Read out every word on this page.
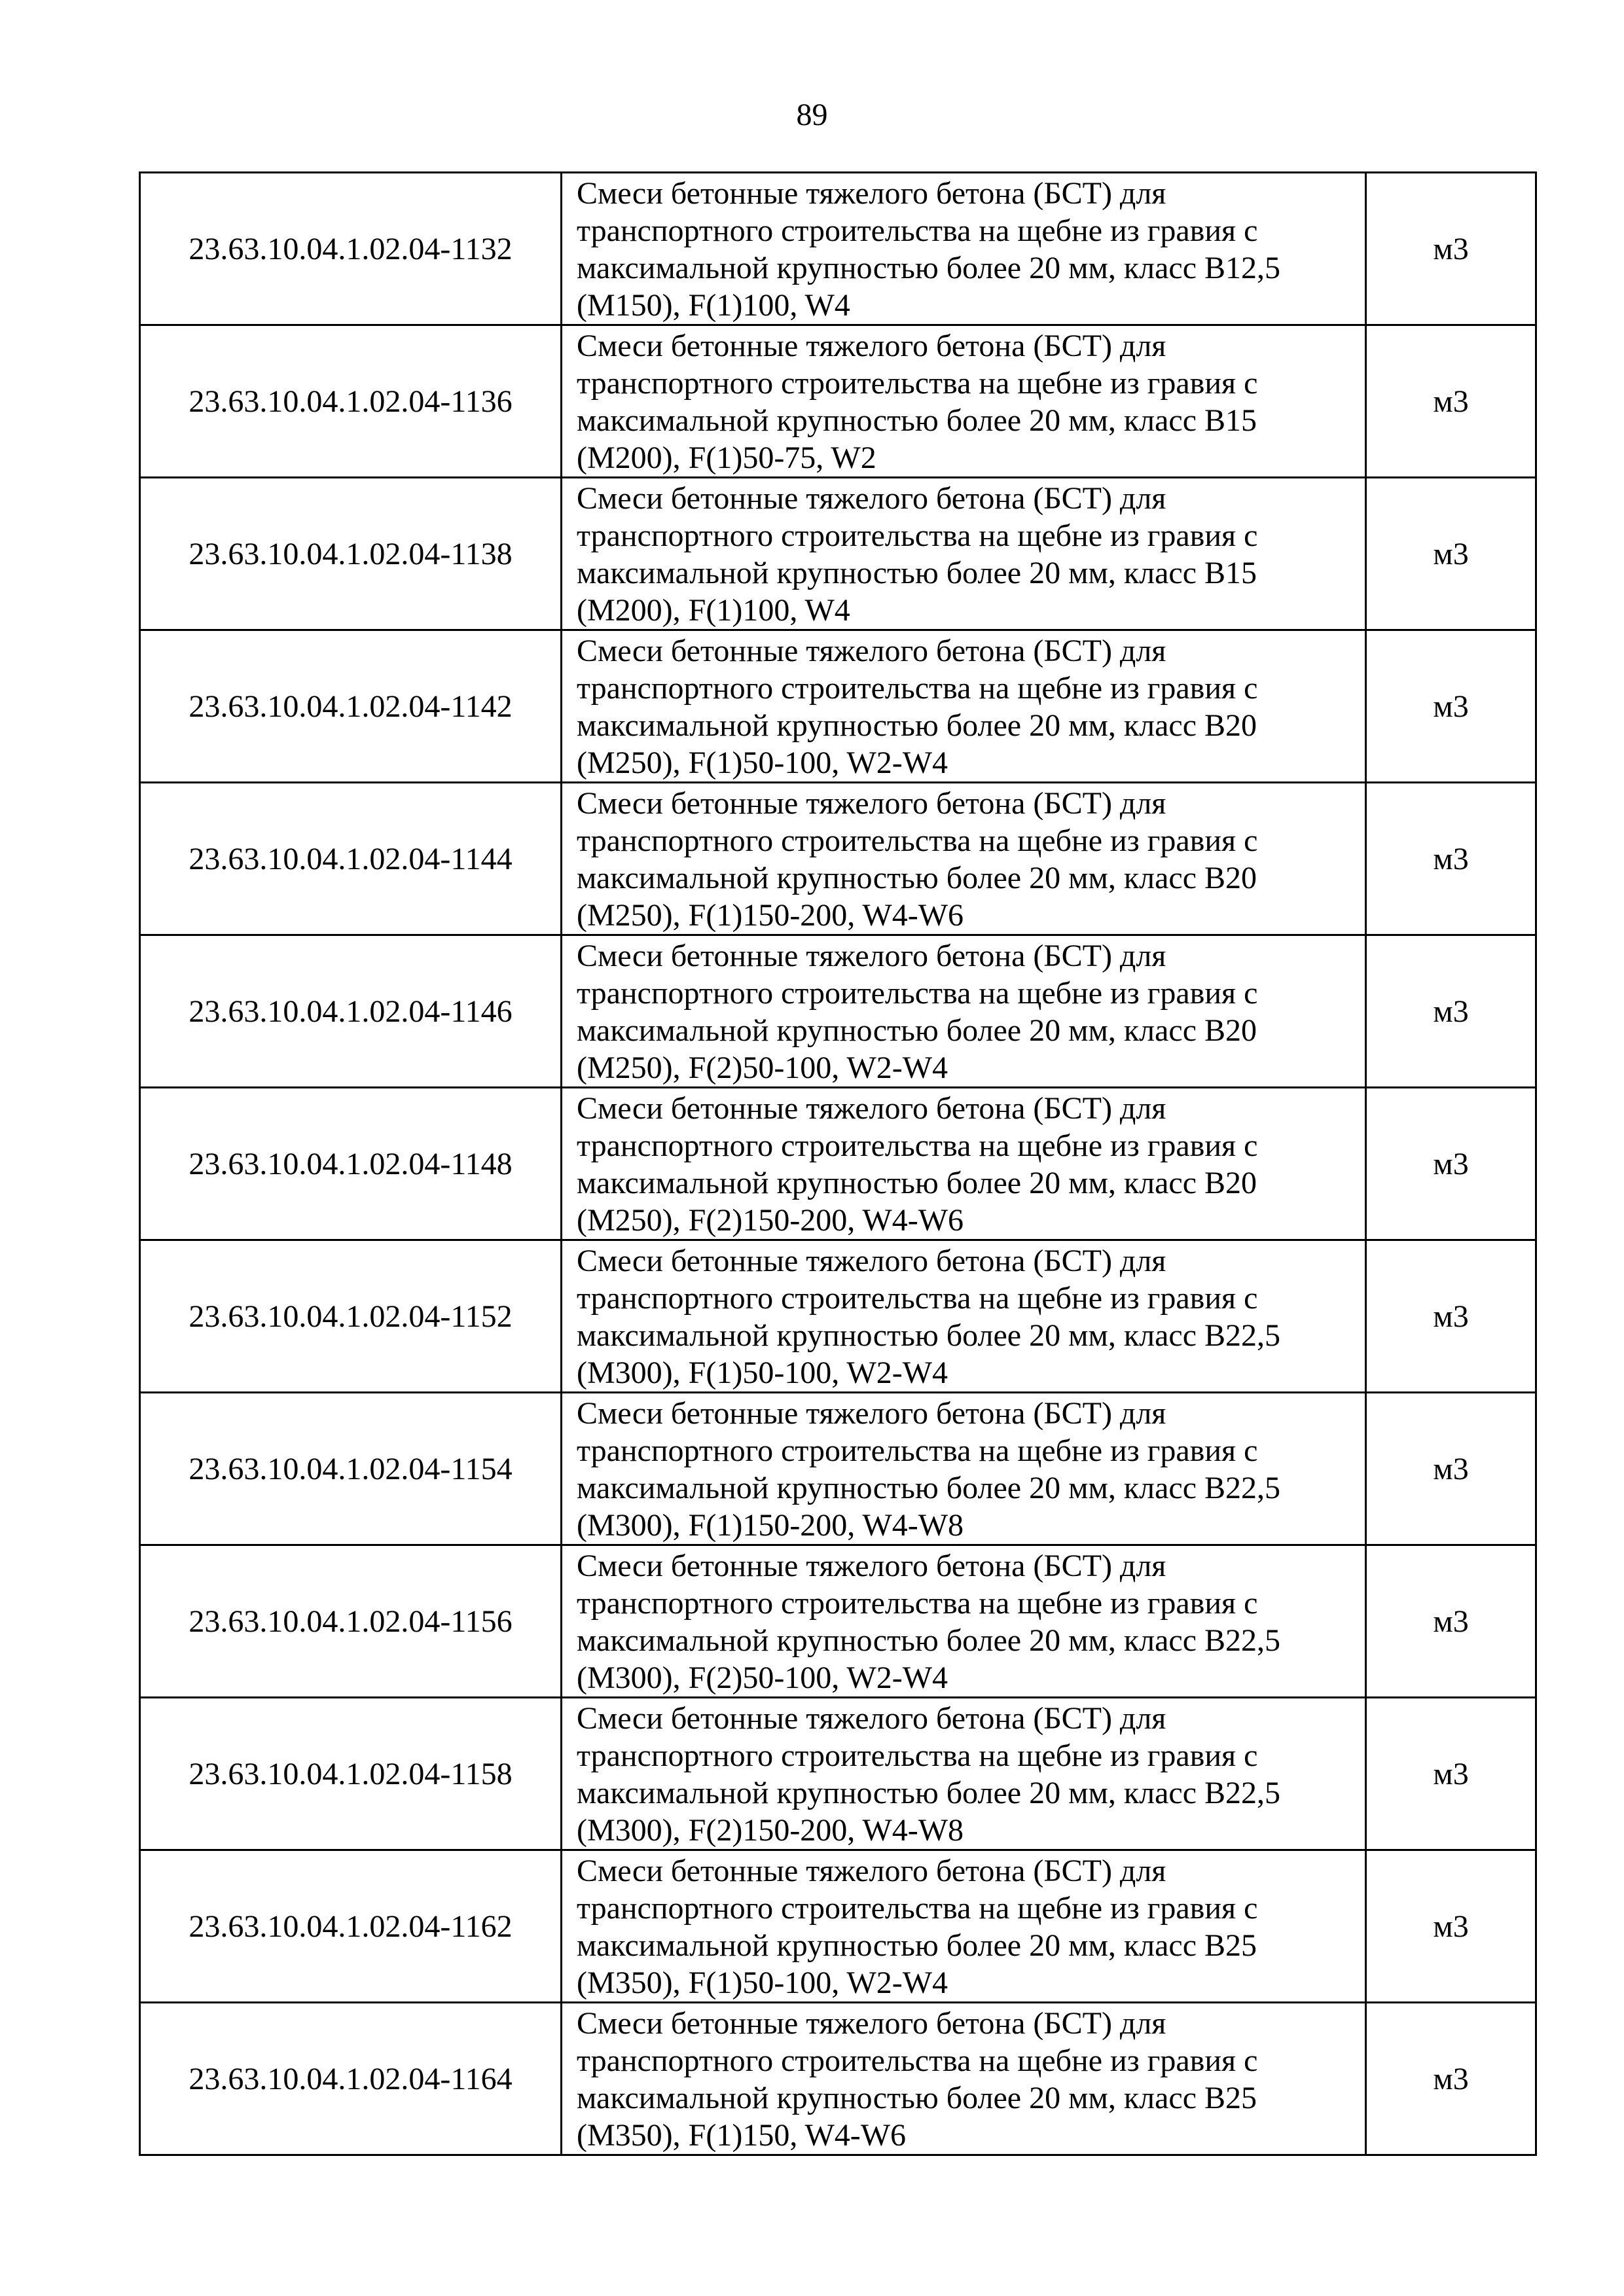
89
23.63.10.04.1.02.04-1132	Смеси бетонные тяжелого бетона (БСТ) для транспортного строительства на щебне из гравия с максимальной крупностью более 20 мм, класс В12,5 (М150), F(1)100, W4	м3
23.63.10.04.1.02.04-1136	Смеси бетонные тяжелого бетона (БСТ) для транспортного строительства на щебне из гравия с максимальной крупностью более 20 мм, класс В15 (М200), F(1)50-75, W2	м3
23.63.10.04.1.02.04-1138	Смеси бетонные тяжелого бетона (БСТ) для транспортного строительства на щебне из гравия с максимальной крупностью более 20 мм, класс В15 (М200), F(1)100, W4	м3
23.63.10.04.1.02.04-1142	Смеси бетонные тяжелого бетона (БСТ) для транспортного строительства на щебне из гравия с максимальной крупностью более 20 мм, класс В20 (М250), F(1)50-100, W2-W4	м3
23.63.10.04.1.02.04-1144	Смеси бетонные тяжелого бетона (БСТ) для транспортного строительства на щебне из гравия с максимальной крупностью более 20 мм, класс В20 (М250), F(1)150-200, W4-W6	м3
23.63.10.04.1.02.04-1146	Смеси бетонные тяжелого бетона (БСТ) для транспортного строительства на щебне из гравия с максимальной крупностью более 20 мм, класс В20 (М250), F(2)50-100, W2-W4	м3
23.63.10.04.1.02.04-1148	Смеси бетонные тяжелого бетона (БСТ) для транспортного строительства на щебне из гравия с максимальной крупностью более 20 мм, класс В20 (М250), F(2)150-200, W4-W6	м3
23.63.10.04.1.02.04-1152	Смеси бетонные тяжелого бетона (БСТ) для транспортного строительства на щебне из гравия с максимальной крупностью более 20 мм, класс В22,5 (М300), F(1)50-100, W2-W4	м3
23.63.10.04.1.02.04-1154	Смеси бетонные тяжелого бетона (БСТ) для транспортного строительства на щебне из гравия с максимальной крупностью более 20 мм, класс В22,5 (М300), F(1)150-200, W4-W8	м3
23.63.10.04.1.02.04-1156	Смеси бетонные тяжелого бетона (БСТ) для транспортного строительства на щебне из гравия с максимальной крупностью более 20 мм, класс В22,5 (М300), F(2)50-100, W2-W4	м3
23.63.10.04.1.02.04-1158	Смеси бетонные тяжелого бетона (БСТ) для транспортного строительства на щебне из гравия с максимальной крупностью более 20 мм, класс В22,5 (М300), F(2)150-200, W4-W8	м3
23.63.10.04.1.02.04-1162	Смеси бетонные тяжелого бетона (БСТ) для транспортного строительства на щебне из гравия с максимальной крупностью более 20 мм, класс В25 (М350), F(1)50-100, W2-W4	м3
23.63.10.04.1.02.04-1164	Смеси бетонные тяжелого бетона (БСТ) для транспортного строительства на щебне из гравия с максимальной крупностью более 20 мм, класс В25 (М350), F(1)150, W4-W6	м3
